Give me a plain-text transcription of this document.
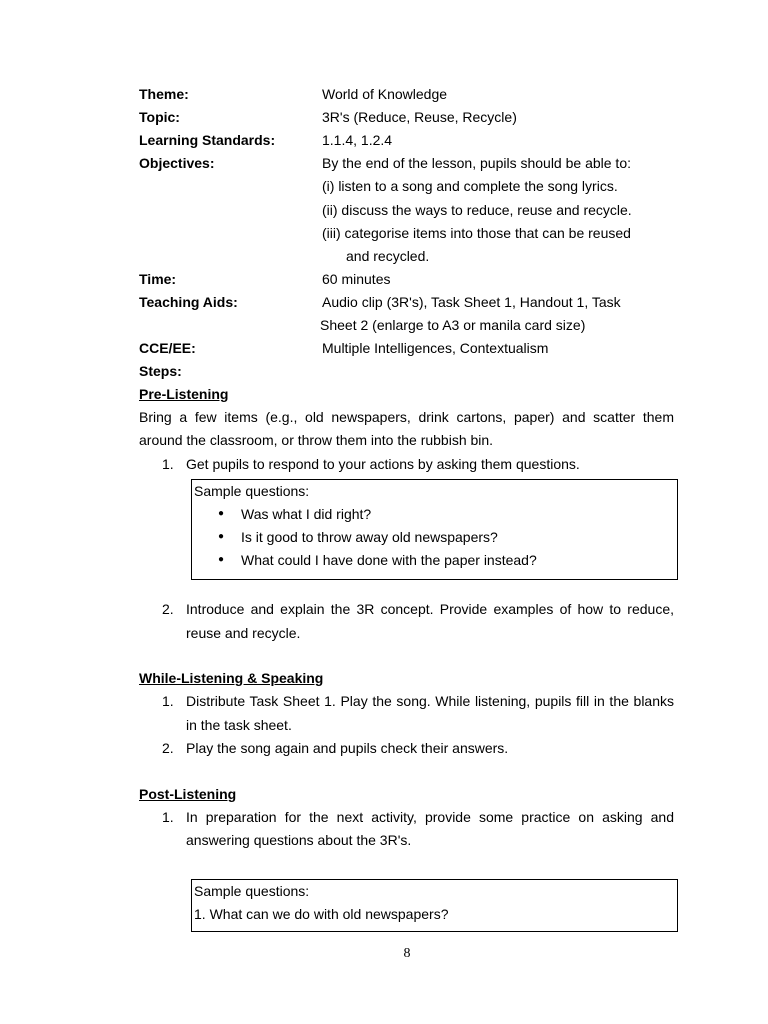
Theme:	World of Knowledge
Topic:	3R's (Reduce, Reuse, Recycle)
Learning Standards:	1.1.4, 1.2.4
Objectives:	By the end of the lesson, pupils should be able to:
(i) listen to a song and complete the song lyrics.
(ii) discuss the ways to reduce, reuse and recycle.
(iii) categorise items into those that can be reused
and recycled.
Time:	60 minutes
Teaching Aids:	Audio clip (3R's), Task Sheet 1, Handout 1, Task
Sheet 2 (enlarge to A3 or manila card size)
CCE/EE:	Multiple Intelligences, Contextualism
Steps:
Pre-Listening
Bring a few items (e.g., old newspapers, drink cartons, paper) and scatter them
around the classroom, or throw them into the rubbish bin.
1. Get pupils to respond to your actions by asking them questions.
Sample questions:
● Was what I did right?
● Is it good to throw away old newspapers?
● What could I have done with the paper instead?
2. Introduce and explain the 3R concept. Provide examples of how to reduce,
reuse and recycle.
While-Listening & Speaking
1. Distribute Task Sheet 1. Play the song. While listening, pupils fill in the blanks
in the task sheet.
2. Play the song again and pupils check their answers.
Post-Listening
1. In preparation for the next activity, provide some practice on asking and
answering questions about the 3R's.
Sample questions:
1. What can we do with old newspapers?
8
